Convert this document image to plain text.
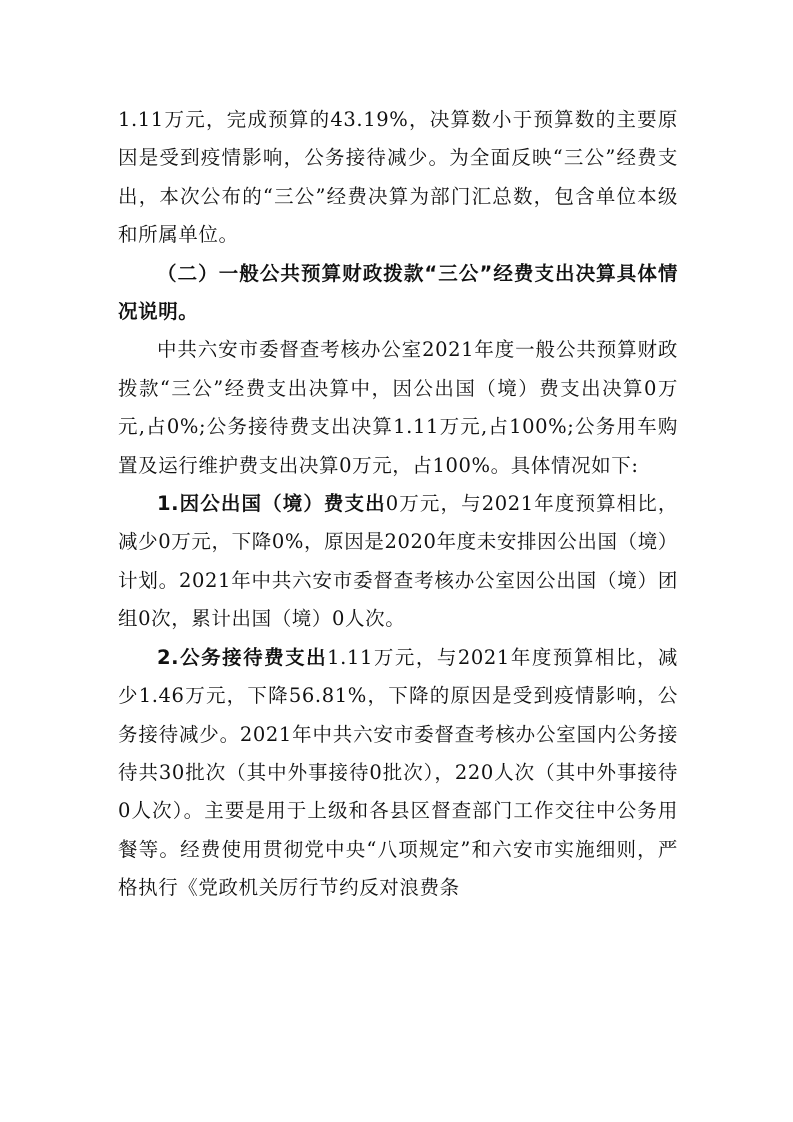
1.11万元，完成预算的43.19%，决算数小于预算数的主要原因是受到疫情影响，公务接待减少。为全面反映“三公”经费支出，本次公布的“三公”经费决算为部门汇总数，包含单位本级和所属单位。

（二）一般公共预算财政拨款“三公”经费支出决算具体情况说明。

中共六安市委督查考核办公室2021年度一般公共预算财政拨款“三公”经费支出决算中，因公出国（境）费支出决算0万元,占0%;公务接待费支出决算1.11万元,占100%;公务用车购置及运行维护费支出决算0万元，占100%。具体情况如下:

1.因公出国（境）费支出0万元，与2021年度预算相比，减少0万元，下降0%，原因是2020年度未安排因公出国（境）计划。2021年中共六安市委督查考核办公室因公出国（境）团组0次，累计出国（境）0人次。

2.公务接待费支出1.11万元，与2021年度预算相比，减少1.46万元，下降56.81%，下降的原因是受到疫情影响，公务接待减少。2021年中共六安市委督查考核办公室国内公务接待共30批次（其中外事接待0批次），220人次（其中外事接待0人次）。主要是用于上级和各县区督查部门工作交往中公务用餐等。经费使用贯彻党中央“八项规定”和六安市实施细则，严格执行《党政机关厉行节约反对浪费条
